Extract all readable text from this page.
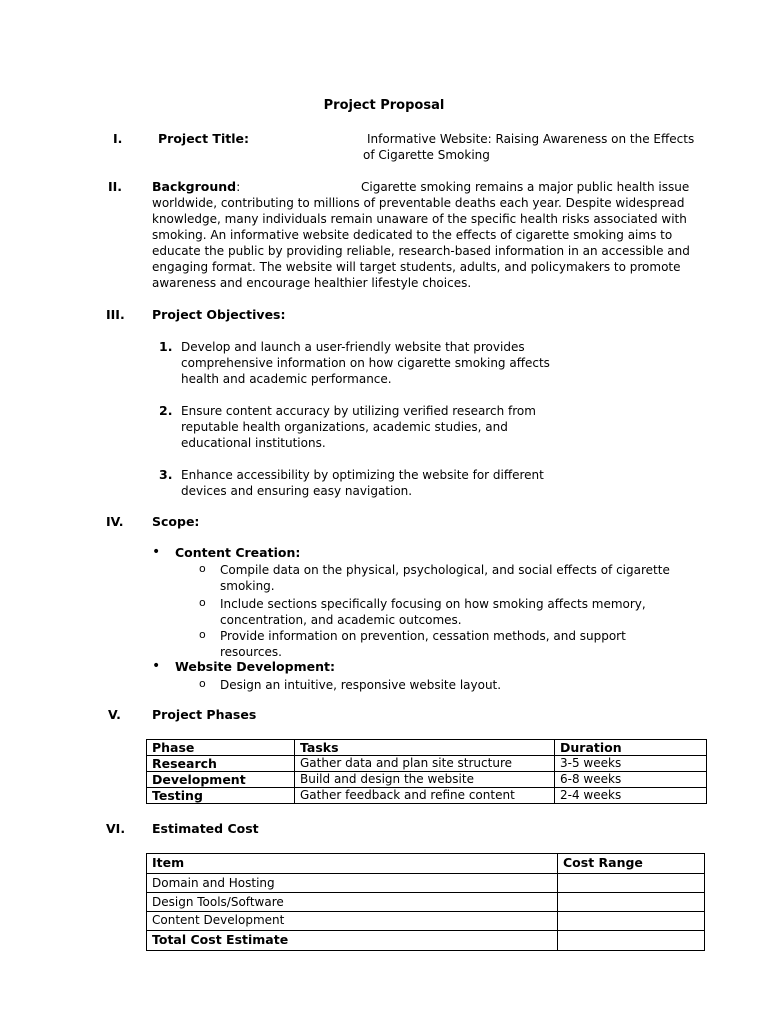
Project Proposal
I.	Project Title:	Informative Website: Raising Awareness on the Effects
of Cigarette Smoking
II. Background:	Cigarette smoking remains a major public health issue
worldwide, contributing to millions of preventable deaths each year. Despite widespread
knowledge, many individuals remain unaware of the specific health risks associated with
smoking. An informative website dedicated to the effects of cigarette smoking aims to
educate the public by providing reliable, research-based information in an accessible and
engaging format. The website will target students, adults, and policymakers to promote
awareness and encourage healthier lifestyle choices.
III. Project Objectives:
1. Develop and launch a user-friendly website that provides
comprehensive information on how cigarette smoking affects
health and academic performance.
2. Ensure content accuracy by utilizing verified research from
reputable health organizations, academic studies, and
educational institutions.
3. Enhance accessibility by optimizing the website for different
devices and ensuring easy navigation.
IV. Scope:
• Content Creation:
o Compile data on the physical, psychological, and social effects of cigarette
smoking.
o Include sections specifically focusing on how smoking affects memory,
concentration, and academic outcomes.
o Provide information on prevention, cessation methods, and support
resources.
• Website Development:
o Design an intuitive, responsive website layout.
V. Project Phases
Phase	Tasks	Duration
Research	Gather data and plan site structure	3-5 weeks
Development	Build and design the website	6-8 weeks
Testing	Gather feedback and refine content	2-4 weeks
VI. Estimated Cost
Item	Cost Range
Domain and Hosting	
Design Tools/Software	
Content Development	
Total Cost Estimate	
